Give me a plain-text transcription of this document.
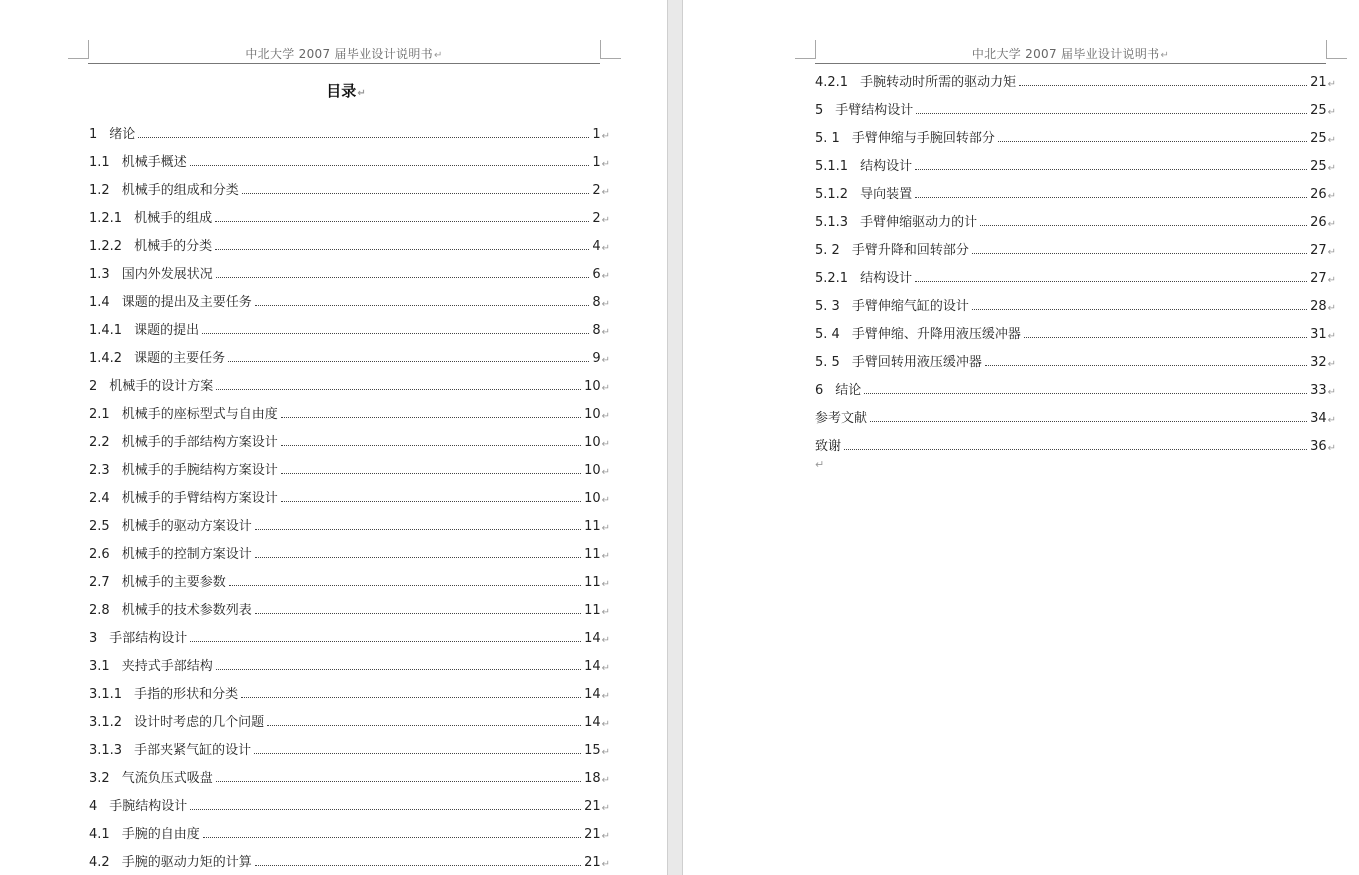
中北大学 2007 届毕业设计说明书↵
目录↵
1 绪论	1 ↵
1.1 机械手概述	1 ↵
1.2 机械手的组成和分类	2 ↵
1.2.1 机械手的组成	2 ↵
1.2.2 机械手的分类	4 ↵
1.3 国内外发展状况	6 ↵
1.4 课题的提出及主要任务	8 ↵
1.4.1 课题的提出	8 ↵
1.4.2 课题的主要任务	9 ↵
2 机械手的设计方案	10 ↵
2.1 机械手的座标型式与自由度	10 ↵
2.2 机械手的手部结构方案设计	10 ↵
2.3 机械手的手腕结构方案设计	10 ↵
2.4 机械手的手臂结构方案设计	10 ↵
2.5 机械手的驱动方案设计	11 ↵
2.6 机械手的控制方案设计	11 ↵
2.7 机械手的主要参数	11 ↵
2.8 机械手的技术参数列表	11 ↵
3 手部结构设计	14 ↵
3.1 夹持式手部结构	14 ↵
3.1.1 手指的形状和分类	14 ↵
3.1.2 设计时考虑的几个问题	14 ↵
3.1.3 手部夹紧气缸的设计	15 ↵
3.2 气流负压式吸盘	18 ↵
4 手腕结构设计	21 ↵
4.1 手腕的自由度	21 ↵
4.2 手腕的驱动力矩的计算	21 ↵
中北大学 2007 届毕业设计说明书↵
4.2.1 手腕转动时所需的驱动力矩	21 ↵
5 手臂结构设计	25 ↵
5. 1 手臂伸缩与手腕回转部分	25 ↵
5.1.1 结构设计	25 ↵
5.1.2 导向装置	26 ↵
5.1.3 手臂伸缩驱动力的计	26 ↵
5. 2 手臂升降和回转部分	27 ↵
5.2.1 结构设计	27 ↵
5. 3 手臂伸缩气缸的设计	28 ↵
5. 4 手臂伸缩、升降用液压缓冲器	31 ↵
5. 5 手臂回转用液压缓冲器	32 ↵
6 结论	33 ↵
参考文献	34 ↵
致谢	36 ↵
↵
